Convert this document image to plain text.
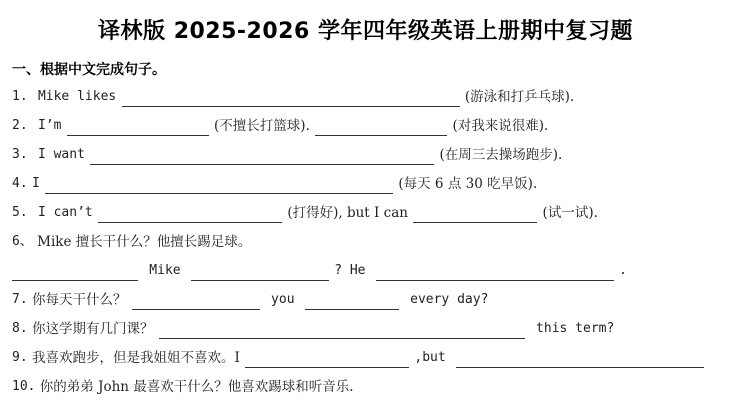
译林版 2025-2026 学年四年级英语上册期中复习题
一、根据中文完成句子。
1. Mike likes	(游泳和打乒乓球).
2. I’m	(不擅长打篮球).	(对我来说很难).
3. I want	(在周三去操场跑步).
4. I	(每天 6 点 30 吃早饭).
5. I can’t	(打得好), but I can	(试一试).
6、 Mike 擅长干什么？他擅长踢足球。
Mike	? He	.
7. 你每天干什么？	you	every day?
8. 你这学期有几门课？	this term?
9. 我喜欢跑步，但是我姐姐不喜欢。I	,but
10. 你的弟弟 John 最喜欢干什么？他喜欢踢球和听音乐.
